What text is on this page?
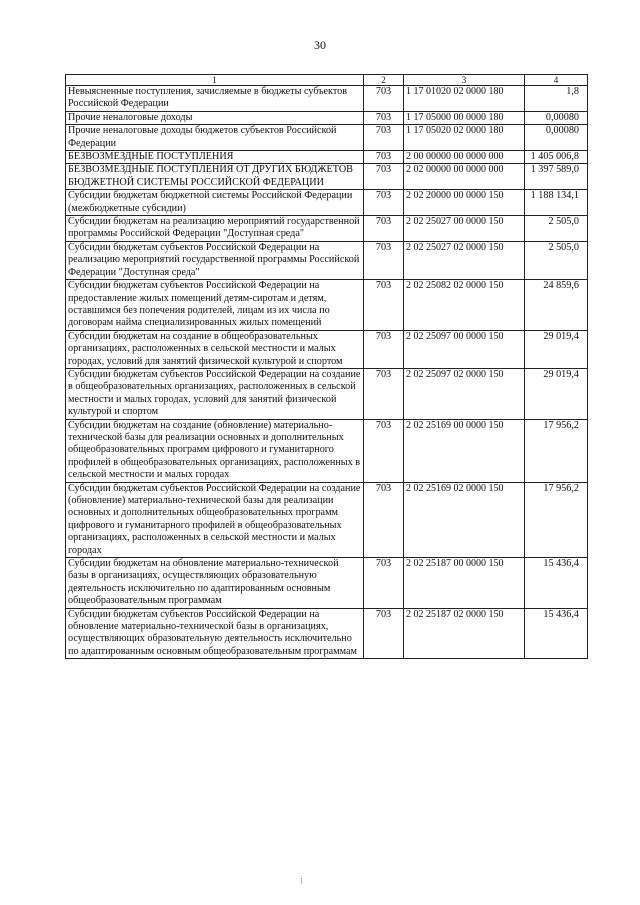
30
1	2	3	4
Невыясненные поступления, зачисляемые в бюджеты субъектов Российской Федерации	703	1 17 01020 02 0000 180	1,8
Прочие неналоговые доходы	703	1 17 05000 00 0000 180	0,00080
Прочие неналоговые доходы бюджетов субъектов Российской Федерации	703	1 17 05020 02 0000 180	0,00080
БЕЗВОЗМЕЗДНЫЕ ПОСТУПЛЕНИЯ	703	2 00 00000 00 0000 000	1 405 006,8
БЕЗВОЗМЕЗДНЫЕ ПОСТУПЛЕНИЯ ОТ ДРУГИХ БЮДЖЕТОВ БЮДЖЕТНОЙ СИСТЕМЫ РОССИЙСКОЙ ФЕДЕРАЦИИ	703	2 02 00000 00 0000 000	1 397 589,0
Субсидии бюджетам бюджетной системы Российской Федерации (межбюджетные субсидии)	703	2 02 20000 00 0000 150	1 188 134,1
Субсидии бюджетам на реализацию мероприятий государственной программы Российской Федерации "Доступная среда"	703	2 02 25027 00 0000 150	2 505,0
Субсидии бюджетам субъектов Российской Федерации на реализацию мероприятий государственной программы Российской Федерации "Доступная среда"	703	2 02 25027 02 0000 150	2 505,0
Субсидии бюджетам субъектов Российской Федерации на предоставление жилых помещений детям-сиротам и детям, оставшимся без попечения родителей, лицам из их числа по договорам найма специализированных жилых помещений	703	2 02 25082 02 0000 150	24 859,6
Субсидии бюджетам на создание в общеобразовательных организациях, расположенных в сельской местности и малых городах, условий для занятий физической культурой и спортом	703	2 02 25097 00 0000 150	29 019,4
Субсидии бюджетам субъектов Российской Федерации на создание в общеобразовательных организациях, расположенных в сельской местности и малых городах, условий для занятий физической культурой и спортом	703	2 02 25097 02 0000 150	29 019,4
Субсидии бюджетам на создание (обновление) материально-технической базы для реализации основных и дополнительных общеобразовательных программ цифрового и гуманитарного профилей в общеобразовательных организациях, расположенных в сельской местности и малых городах	703	2 02 25169 00 0000 150	17 956,2
Субсидии бюджетам субъектов Российской Федерации на создание (обновление) материально-технической базы для реализации основных и дополнительных общеобразовательных программ цифрового и гуманитарного профилей в общеобразовательных организациях, расположенных в сельской местности и малых городах	703	2 02 25169 02 0000 150	17 956,2
Субсидии бюджетам на обновление материально-технической базы в организациях, осуществляющих образовательную деятельность исключительно по адаптированным основным общеобразовательным программам	703	2 02 25187 00 0000 150	15 436,4
Субсидии бюджетам субъектов Российской Федерации на обновление материально-технической базы в организациях, осуществляющих образовательную деятельность исключительно по адаптированным основным общеобразовательным программам	703	2 02 25187 02 0000 150	15 436,4
⁝
